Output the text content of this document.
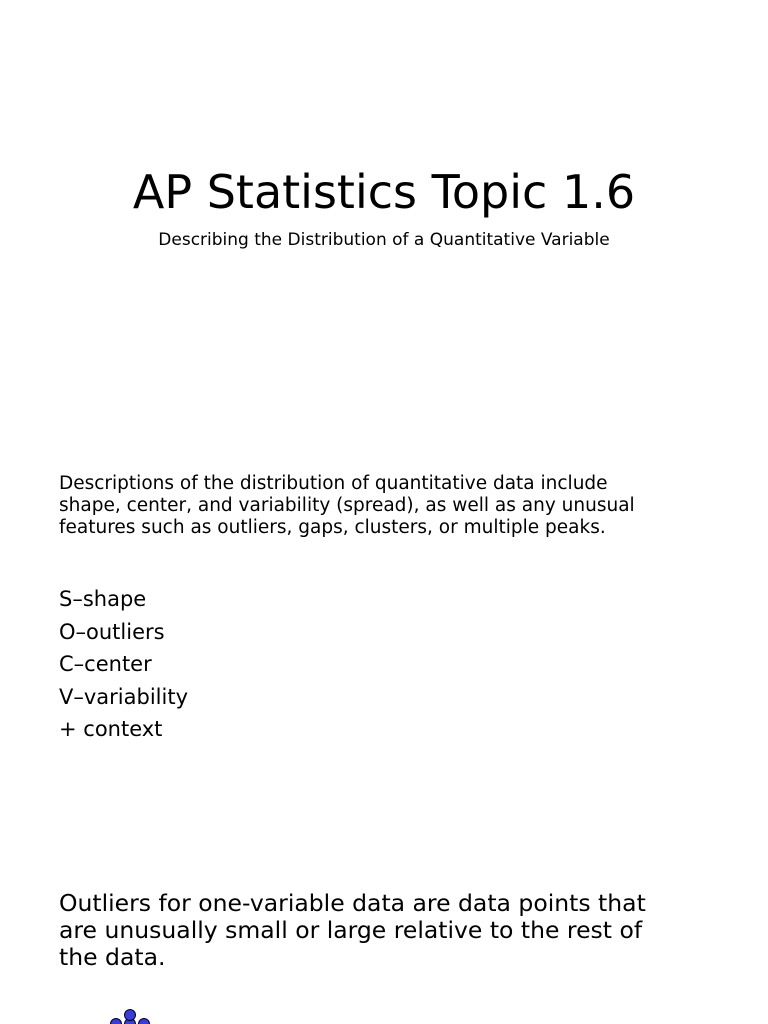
AP Statistics Topic 1.6
Describing the Distribution of a Quantitative Variable
Descriptions of the distribution of quantitative data include
shape, center, and variability (spread), as well as any unusual
features such as outliers, gaps, clusters, or multiple peaks.
S–shape
O–outliers
C–center
V–variability
+ context
Outliers for one-variable data are data points that
are unusually small or large relative to the rest of
the data.
